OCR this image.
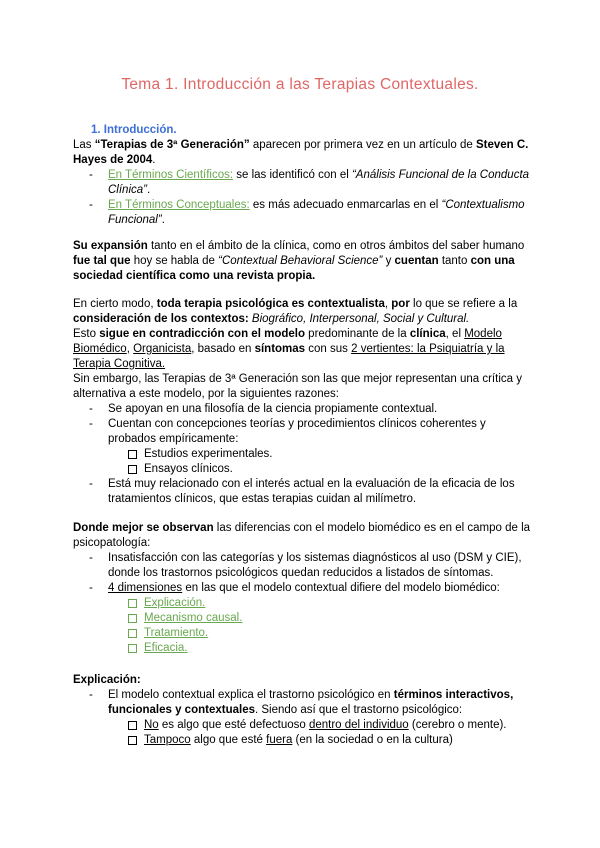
Tema 1. Introducción a las Terapias Contextuales.
1. Introducción.
Las “Terapias de 3ª Generación” aparecen por primera vez en un artículo de Steven C. Hayes de 2004.
- En Términos Científicos: se las identificó con el “Análisis Funcional de la Conducta Clínica”.
- En Términos Conceptuales: es más adecuado enmarcarlas en el “Contextualismo Funcional”.
Su expansión tanto en el ámbito de la clínica, como en otros ámbitos del saber humano fue tal que hoy se habla de “Contextual Behavioral Science” y cuentan tanto con una sociedad científica como una revista propia.
En cierto modo, toda terapia psicológica es contextualista, por lo que se refiere a la consideración de los contextos: Biográfico, Interpersonal, Social y Cultural.
Esto sigue en contradicción con el modelo predominante de la clínica, el Modelo Biomédico, Organicista, basado en síntomas con sus 2 vertientes: la Psiquiatría y la Terapia Cognitiva.
Sin embargo, las Terapias de 3ª Generación son las que mejor representan una crítica y alternativa a este modelo, por la siguientes razones:
- Se apoyan en una filosofía de la ciencia propiamente contextual.
- Cuentan con concepciones teorías y procedimientos clínicos coherentes y probados empíricamente:
Estudios experimentales.
Ensayos clínicos.
- Está muy relacionado con el interés actual en la evaluación de la eficacia de los tratamientos clínicos, que estas terapias cuidan al milímetro.
Donde mejor se observan las diferencias con el modelo biomédico es en el campo de la psicopatología:
- Insatisfacción con las categorías y los sistemas diagnósticos al uso (DSM y CIE), donde los trastornos psicológicos quedan reducidos a listados de síntomas.
- 4 dimensiones en las que el modelo contextual difiere del modelo biomédico:
Explicación.
Mecanismo causal.
Tratamiento.
Eficacia.
Explicación:
- El modelo contextual explica el trastorno psicológico en términos interactivos, funcionales y contextuales. Siendo así que el trastorno psicológico:
No es algo que esté defectuoso dentro del individuo (cerebro o mente).
Tampoco algo que esté fuera (en la sociedad o en la cultura)
